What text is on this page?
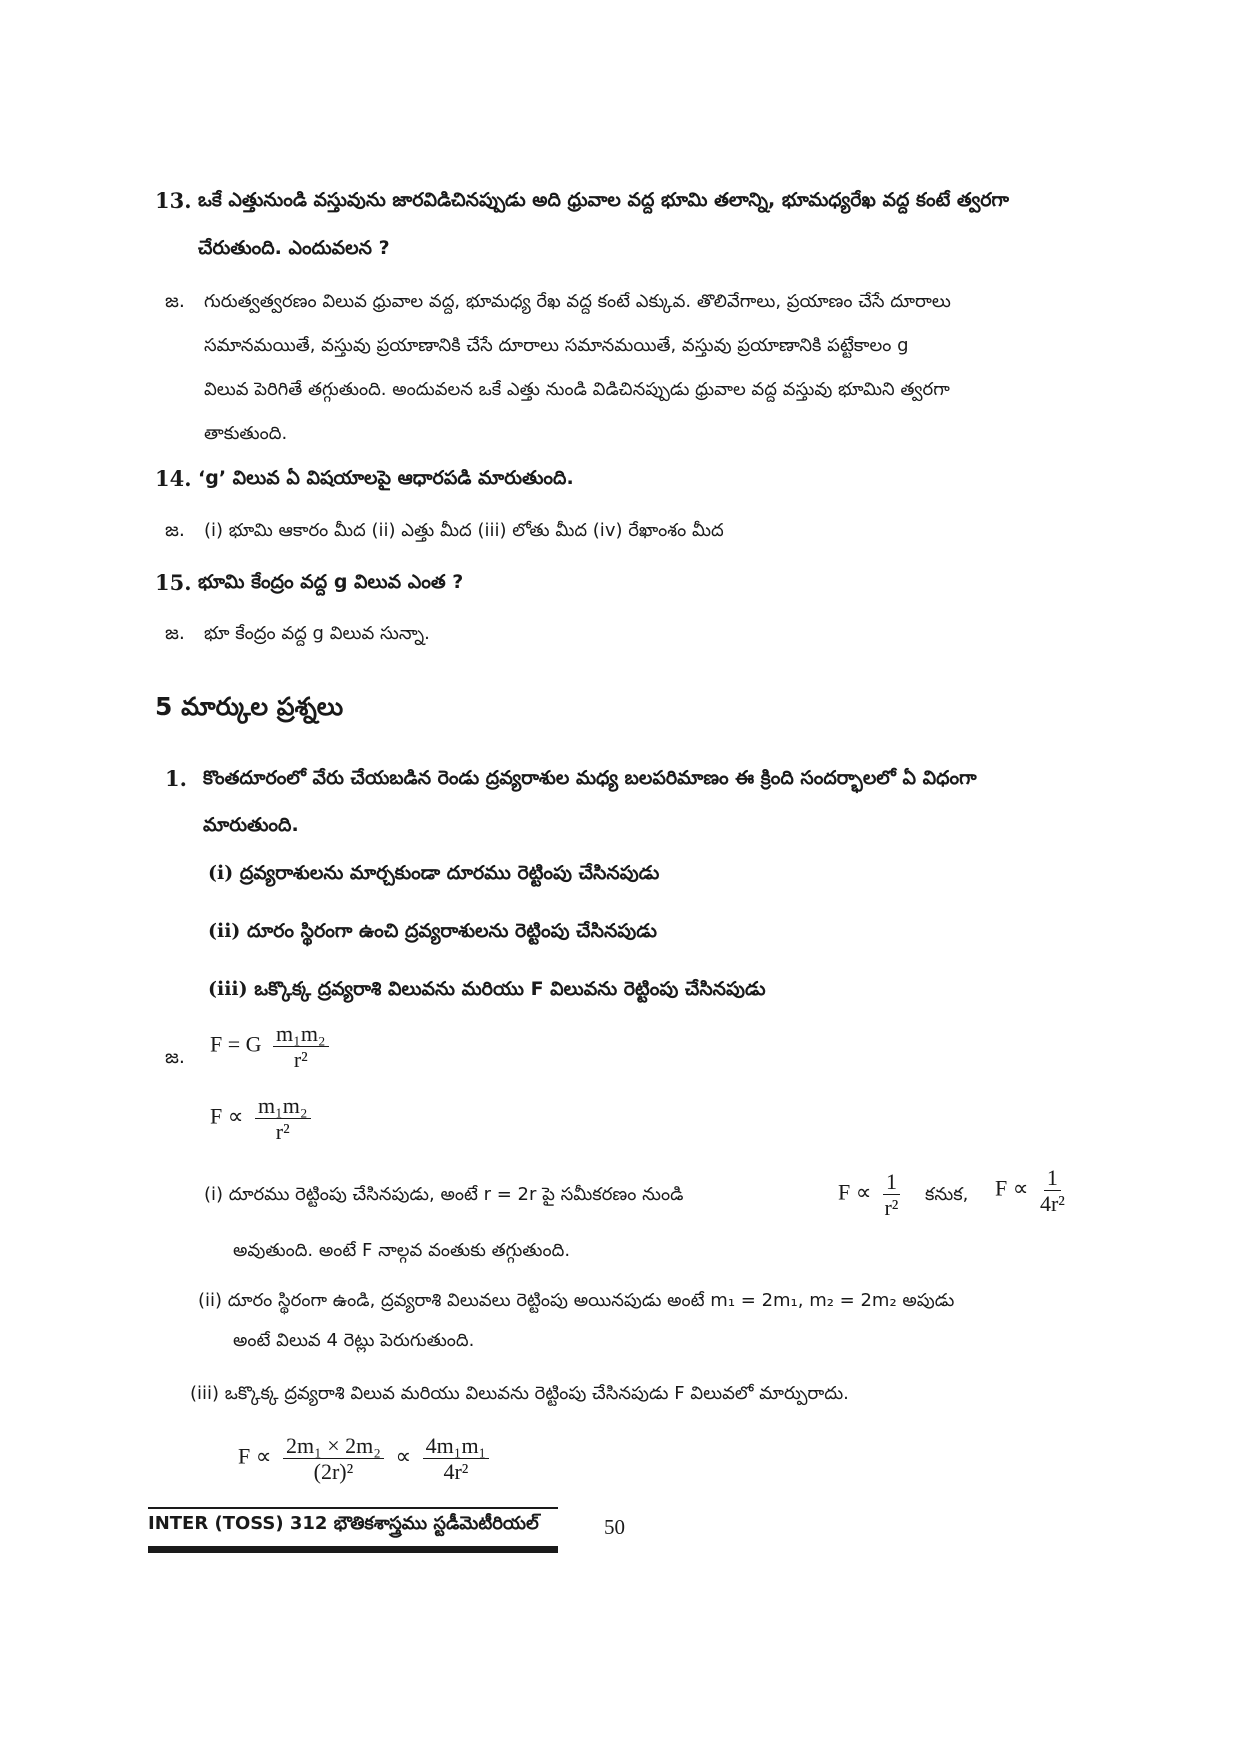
13. ఒకే ఎత్తునుండి వస్తువును జారవిడిచినప్పుడు అది ధ్రువాల వద్ద భూమి తలాన్ని, భూమధ్యరేఖ వద్ద కంటే త్వరగా
చేరుతుంది. ఎందువలన ?
జ. గురుత్వత్వరణం విలువ ధ్రువాల వద్ద, భూమధ్య రేఖ వద్ద కంటే ఎక్కువ. తొలివేగాలు, ప్రయాణం చేసే దూరాలు
సమానమయితే, వస్తువు ప్రయాణానికి చేసే దూరాలు సమానమయితే, వస్తువు ప్రయాణానికి పట్టేకాలం g
విలువ పెరిగితే తగ్గుతుంది. అందువలన ఒకే ఎత్తు నుండి విడిచినప్పుడు ధ్రువాల వద్ద వస్తువు భూమిని త్వరగా
తాకుతుంది.
14. ‘g’ విలువ ఏ విషయాలపై ఆధారపడి మారుతుంది.
జ. (i) భూమి ఆకారం మీద (ii) ఎత్తు మీద (iii) లోతు మీద (iv) రేఖాంశం మీద
15. భూమి కేంద్రం వద్ద g విలువ ఎంత ?
జ. భూ కేంద్రం వద్ద g విలువ సున్నా.
5 మార్కుల ప్రశ్నలు
1. కొంతదూరంలో వేరు చేయబడిన రెండు ద్రవ్యరాశుల మధ్య బలపరిమాణం ఈ క్రింది సందర్భాలలో ఏ విధంగా
మారుతుంది.
(i) ద్రవ్యరాశులను మార్చకుండా దూరము రెట్టింపు చేసినపుడు
(ii) దూరం స్థిరంగా ఉంచి ద్రవ్యరాశులను రెట్టింపు చేసినపుడు
(iii) ఒక్కొక్క ద్రవ్యరాశి విలువను మరియు F విలువను రెట్టింపు చేసినపుడు
జ.
F = G $\frac{\text{m₁m₂}}{\text{r²}}$
$F \propto \frac{\text{m₁m₂}}{\text{r²}}$
(i) దూరము రెట్టింపు చేసినపుడు, అంటే r = 2r పై సమీకరణం నుండి	$F \propto \frac{1}{\text{r²}}$ కనుక, $F \propto \frac{1}{\text{4r²}}$
అవుతుంది. అంటే F నాల్గవ వంతుకు తగ్గుతుంది.
(ii) దూరం స్థిరంగా ఉండి, ద్రవ్యరాశి విలువలు రెట్టింపు అయినపుడు అంటే m₁ = 2m₁, m₂ = 2m₂ అపుడు
అంటే విలువ 4 రెట్లు పెరుగుతుంది.
(iii) ఒక్కొక్క ద్రవ్యరాశి విలువ మరియు విలువను రెట్టింపు చేసినపుడు F విలువలో మార్పురాదు.
$F \propto \frac{\text{2m₁ × 2m₂}}{\text{(2r)²}} \propto \frac{\text{4m₁m₁}}{\text{4r²}}$
INTER (TOSS) 312 భౌతికశాస్త్రము స్టడీమెటీరియల్	50
